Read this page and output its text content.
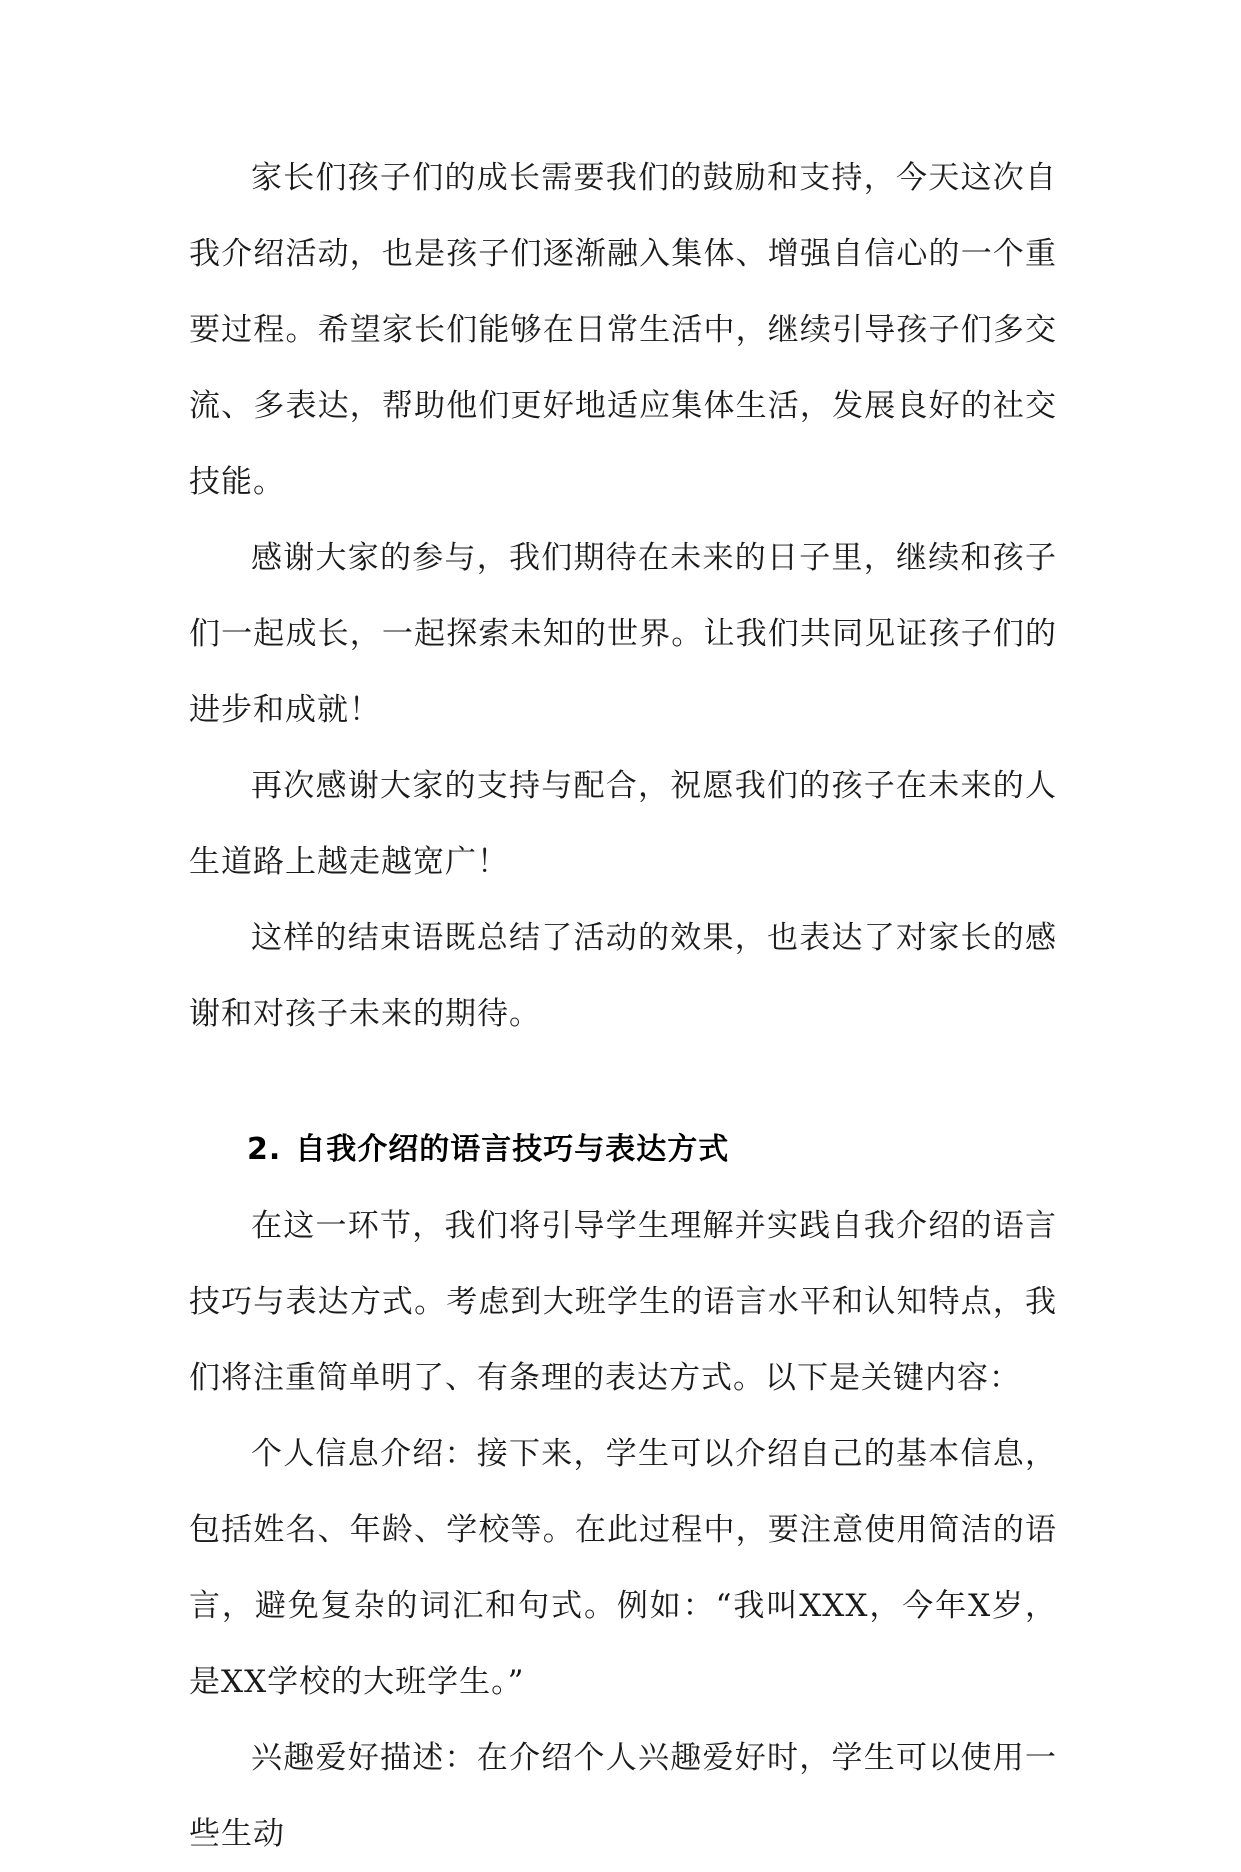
家长们孩子们的成长需要我们的鼓励和支持，今天这次自我介绍活动，也是孩子们逐渐融入集体、增强自信心的一个重要过程。希望家长们能够在日常生活中，继续引导孩子们多交流、多表达，帮助他们更好地适应集体生活，发展良好的社交技能。

感谢大家的参与，我们期待在未来的日子里，继续和孩子们一起成长，一起探索未知的世界。让我们共同见证孩子们的进步和成就！

再次感谢大家的支持与配合，祝愿我们的孩子在未来的人生道路上越走越宽广！

这样的结束语既总结了活动的效果，也表达了对家长的感谢和对孩子未来的期待。

2. 自我介绍的语言技巧与表达方式

在这一环节，我们将引导学生理解并实践自我介绍的语言技巧与表达方式。考虑到大班学生的语言水平和认知特点，我们将注重简单明了、有条理的表达方式。以下是关键内容：

个人信息介绍：接下来，学生可以介绍自己的基本信息，包括姓名、年龄、学校等。在此过程中，要注意使用简洁的语言，避免复杂的词汇和句式。例如：“我叫XXX，今年X岁，是XX学校的大班学生。”

兴趣爱好描述：在介绍个人兴趣爱好时，学生可以使用一些生动
